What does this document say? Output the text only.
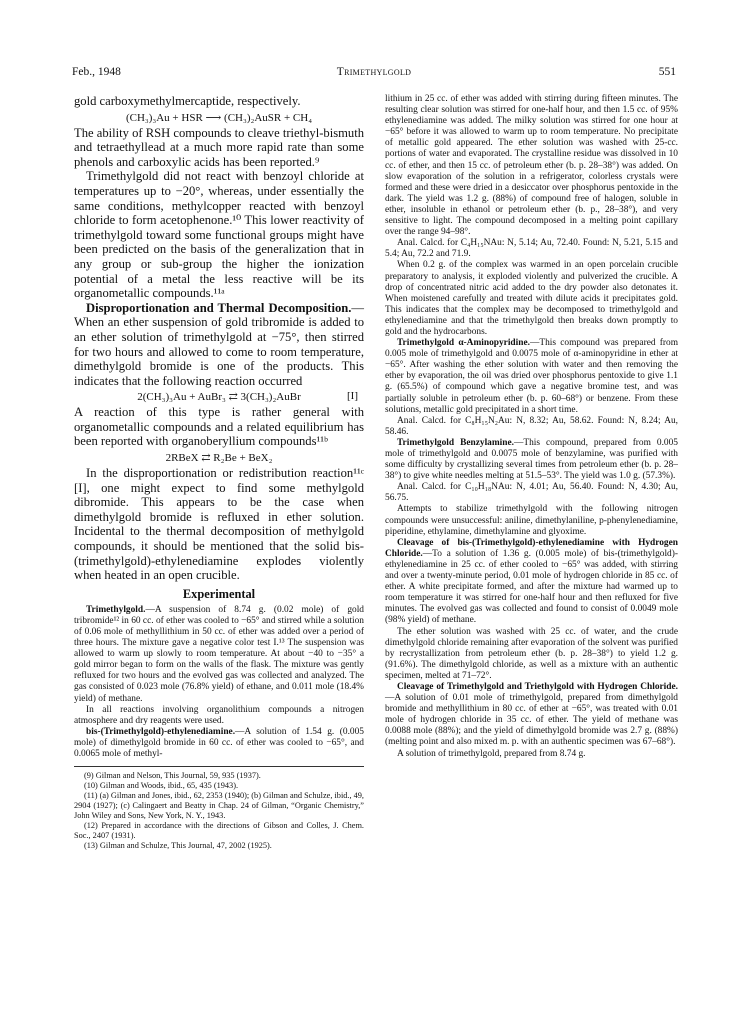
Feb., 1948	Trimethylgold	551

gold carboxymethylmercaptide, respectively.

(CH₃)₃Au + HSR ⟶ (CH₃)₂AuSR + CH₄

The ability of RSH compounds to cleave triethyl-bismuth and tetraethyllead at a much more rapid rate than some phenols and carboxylic acids has been reported.⁹

Trimethylgold did not react with benzoyl chloride at temperatures up to −20°, whereas, under essentially the same conditions, methylcopper reacted with benzoyl chloride to form acetophenone.¹⁰ This lower reactivity of trimethylgold toward some functional groups might have been predicted on the basis of the generalization that in any group or sub-group the higher the ionization potential of a metal the less reactive will be its organometallic compounds.¹¹ᵃ

Disproportionation and Thermal Decomposition.—When an ether suspension of gold tribromide is added to an ether solution of trimethylgold at −75°, then stirred for two hours and allowed to come to room temperature, dimethylgold bromide is one of the products. This indicates that the following reaction occurred

2(CH₃)₃Au + AuBr₃ ⇄ 3(CH₃)₂AuBr	[I]

A reaction of this type is rather general with organometallic compounds and a related equilibrium has been reported with organoberyllium compounds¹¹ᵇ

2RBeX ⇄ R₂Be + BeX₂

In the disproportionation or redistribution reaction¹¹ᶜ [I], one might expect to find some methylgold dibromide. This appears to be the case when dimethylgold bromide is refluxed in ether solution. Incidental to the thermal decomposition of methylgold compounds, it should be mentioned that the solid bis-(trimethylgold)-ethylenediamine explodes violently when heated in an open crucible.

Experimental

Trimethylgold.—A suspension of 8.74 g. (0.02 mole) of gold tribromide¹² in 60 cc. of ether was cooled to −65° and stirred while a solution of 0.06 mole of methyllithium in 50 cc. of ether was added over a period of three hours. The mixture gave a negative color test I.¹³ The suspension was allowed to warm up slowly to room temperature. At about −40 to −35° a gold mirror began to form on the walls of the flask. The mixture was gently refluxed for two hours and the evolved gas was collected and analyzed. The gas consisted of 0.023 mole (76.8% yield) of ethane, and 0.011 mole (18.4% yield) of methane.

In all reactions involving organolithium compounds a nitrogen atmosphere and dry reagents were used.

bis-(Trimethylgold)-ethylenediamine.—A solution of 1.54 g. (0.005 mole) of dimethylgold bromide in 60 cc. of ether was cooled to −65°, and 0.0065 mole of methyl-

(9) Gilman and Nelson, This Journal, 59, 935 (1937).

(10) Gilman and Woods, ibid., 65, 435 (1943).

(11) (a) Gilman and Jones, ibid., 62, 2353 (1940); (b) Gilman and Schulze, ibid., 49, 2904 (1927); (c) Calingaert and Beatty in Chap. 24 of Gilman, “Organic Chemistry,” John Wiley and Sons, New York, N. Y., 1943.

(12) Prepared in accordance with the directions of Gibson and Colles, J. Chem. Soc., 2407 (1931).

(13) Gilman and Schulze, This Journal, 47, 2002 (1925).

lithium in 25 cc. of ether was added with stirring during fifteen minutes. The resulting clear solution was stirred for one-half hour, and then 1.5 cc. of 95% ethylenediamine was added. The milky solution was stirred for one hour at −65° before it was allowed to warm up to room temperature. No precipitate of metallic gold appeared. The ether solution was washed with 25-cc. portions of water and evaporated. The crystalline residue was dissolved in 10 cc. of ether, and then 15 cc. of petroleum ether (b. p. 28–38°) was added. On slow evaporation of the solution in a refrigerator, colorless crystals were formed and these were dried in a desiccator over phosphorus pentoxide in the dark. The yield was 1.2 g. (88%) of compound free of halogen, soluble in ether, insoluble in ethanol or petroleum ether (b. p., 28–38°), and very sensitive to light. The compound decomposed in a melting point capillary over the range 94–98°.

Anal. Calcd. for C₄H₁₅NAu: N, 5.14; Au, 72.40. Found: N, 5.21, 5.15 and 5.4; Au, 72.2 and 71.9.

When 0.2 g. of the complex was warmed in an open porcelain crucible preparatory to analysis, it exploded violently and pulverized the crucible. A drop of concentrated nitric acid added to the dry powder also detonates it. When moistened carefully and treated with dilute acids it precipitates gold. This indicates that the complex may be decomposed to trimethylgold and ethylenediamine and that the trimethylgold then breaks down promptly to gold and the hydrocarbons.

Trimethylgold α-Aminopyridine.—This compound was prepared from 0.005 mole of trimethylgold and 0.0075 mole of α-aminopyridine in ether at −65°. After washing the ether solution with water and then removing the ether by evaporation, the oil was dried over phosphorus pentoxide to give 1.1 g. (65.5%) of compound which gave a negative bromine test, and was partially soluble in petroleum ether (b. p. 60–68°) or benzene. From these solutions, metallic gold precipitated in a short time.

Anal. Calcd. for C₈H₁₅N₂Au: N, 8.32; Au, 58.62. Found: N, 8.24; Au, 58.46.

Trimethylgold Benzylamine.—This compound, prepared from 0.005 mole of trimethylgold and 0.0075 mole of benzylamine, was purified with some difficulty by crystallizing several times from petroleum ether (b. p. 28–38°) to give white needles melting at 51.5–53°. The yield was 1.0 g. (57.3%).

Anal. Calcd. for C₁₀H₁₈NAu: N, 4.01; Au, 56.40. Found: N, 4.30; Au, 56.75.

Attempts to stabilize trimethylgold with the following nitrogen compounds were unsuccessful: aniline, dimethylaniline, p-phenylenediamine, piperidine, ethylamine, dimethylamine and glyoxime.

Cleavage of bis-(Trimethylgold)-ethylenediamine with Hydrogen Chloride.—To a solution of 1.36 g. (0.005 mole) of bis-(trimethylgold)-ethylenediamine in 25 cc. of ether cooled to −65° was added, with stirring and over a twenty-minute period, 0.01 mole of hydrogen chloride in 85 cc. of ether. A white precipitate formed, and after the mixture had warmed up to room temperature it was stirred for one-half hour and then refluxed for five minutes. The evolved gas was collected and found to consist of 0.0049 mole (98% yield) of methane.

The ether solution was washed with 25 cc. of water, and the crude dimethylgold chloride remaining after evaporation of the solvent was purified by recrystallization from petroleum ether (b. p. 28–38°) to yield 1.2 g. (91.6%). The dimethylgold chloride, as well as a mixture with an authentic specimen, melted at 71–72°.

Cleavage of Trimethylgold and Triethylgold with Hydrogen Chloride.—A solution of 0.01 mole of trimethylgold, prepared from dimethylgold bromide and methyllithium in 80 cc. of ether at −65°, was treated with 0.01 mole of hydrogen chloride in 35 cc. of ether. The yield of methane was 0.0088 mole (88%); and the yield of dimethylgold bromide was 2.7 g. (88%) (melting point and also mixed m. p. with an authentic specimen was 67–68°).

A solution of trimethylgold, prepared from 8.74 g.
